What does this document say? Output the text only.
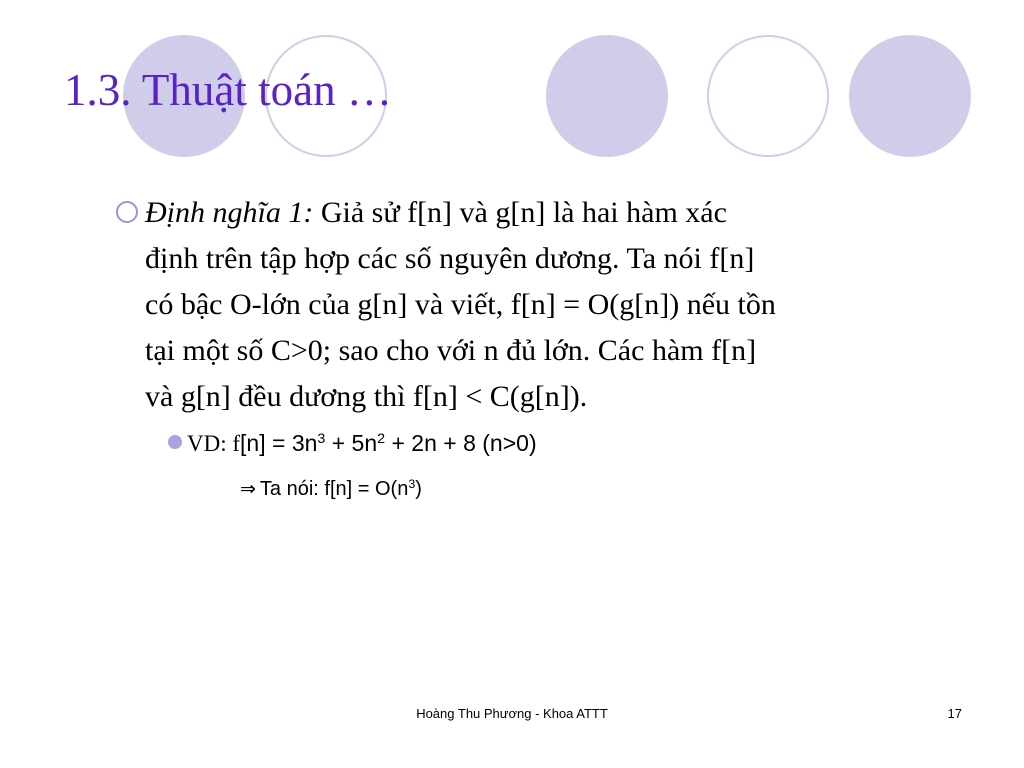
1.3. Thuật toán …
Định nghĩa 1: Giả sử f[n] và g[n] là hai hàm xác
định trên tập hợp các số nguyên dương. Ta nói f[n]
có bậc O-lớn của g[n] và viết, f[n] = O(g[n]) nếu tồn
tại một số C>0; sao cho với n đủ lớn. Các hàm f[n]
và g[n] đều dương thì f[n] < C(g[n]).
VD: $f[n] = 3n^3 + 5n^2 + 2n + 8$ (n>0)
⇒ Ta nói: $f[n] = O(n^3)$
Hoàng Thu Phương - Khoa ATTT	17
